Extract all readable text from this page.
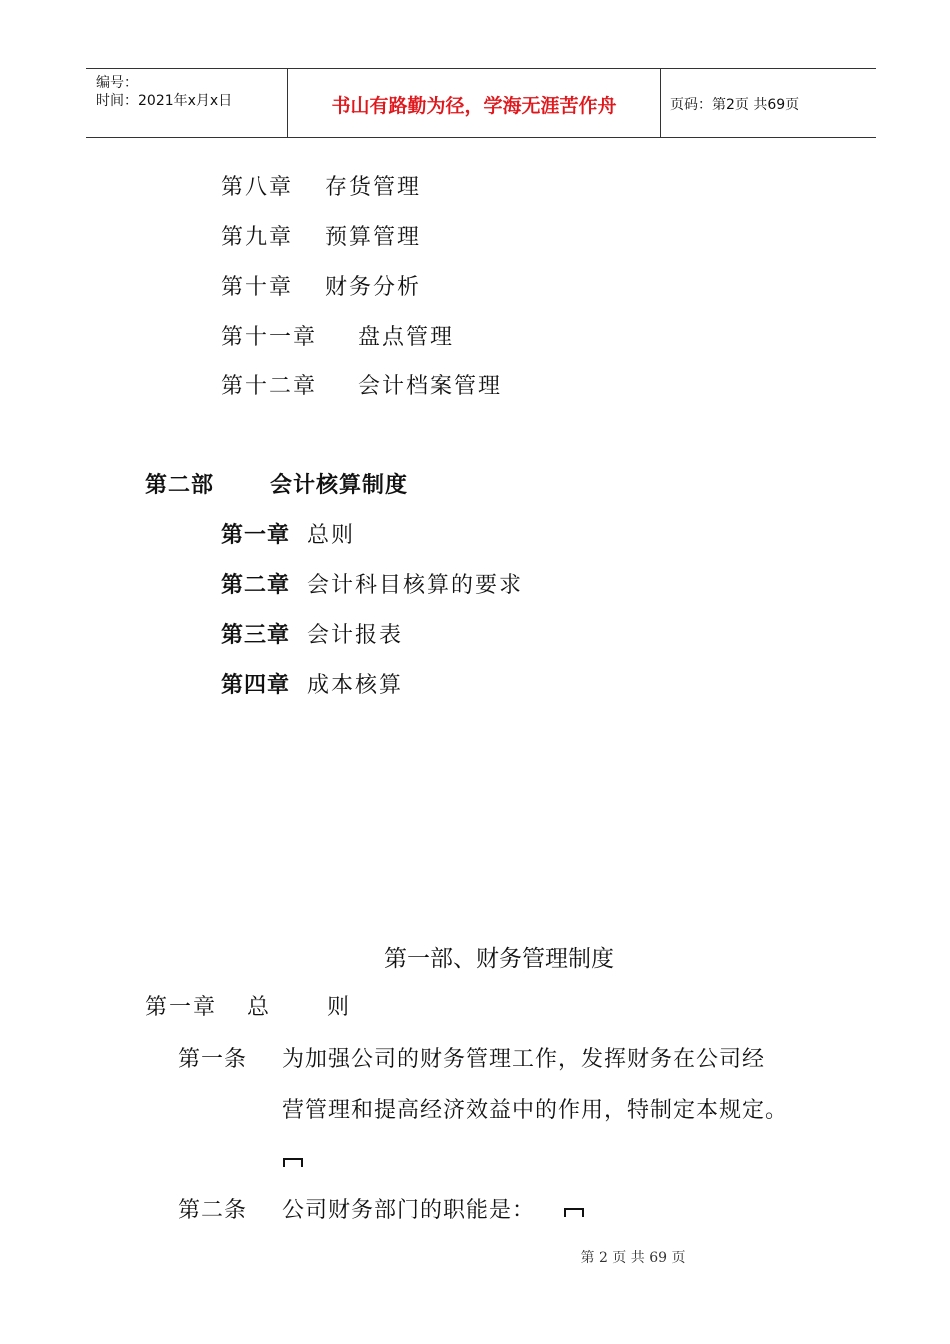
编号：
时间：2021年x月x日	书山有路勤为径，学海无涯苦作舟	页码：第2页 共69页
第八章 存货管理
第九章 预算管理
第十章 财务分析
第十一章 盘点管理
第十二章 会计档案管理
第二部	会计核算制度
第一章 总则
第二章 会计科目核算的要求
第三章 会计报表
第四章 成本核算
第一部、财务管理制度
第一章 总	则
第一条 为加强公司的财务管理工作，发挥财务在公司经
营管理和提高经济效益中的作用，特制定本规定。
第二条 公司财务部门的职能是：
第 2 页 共 69 页
